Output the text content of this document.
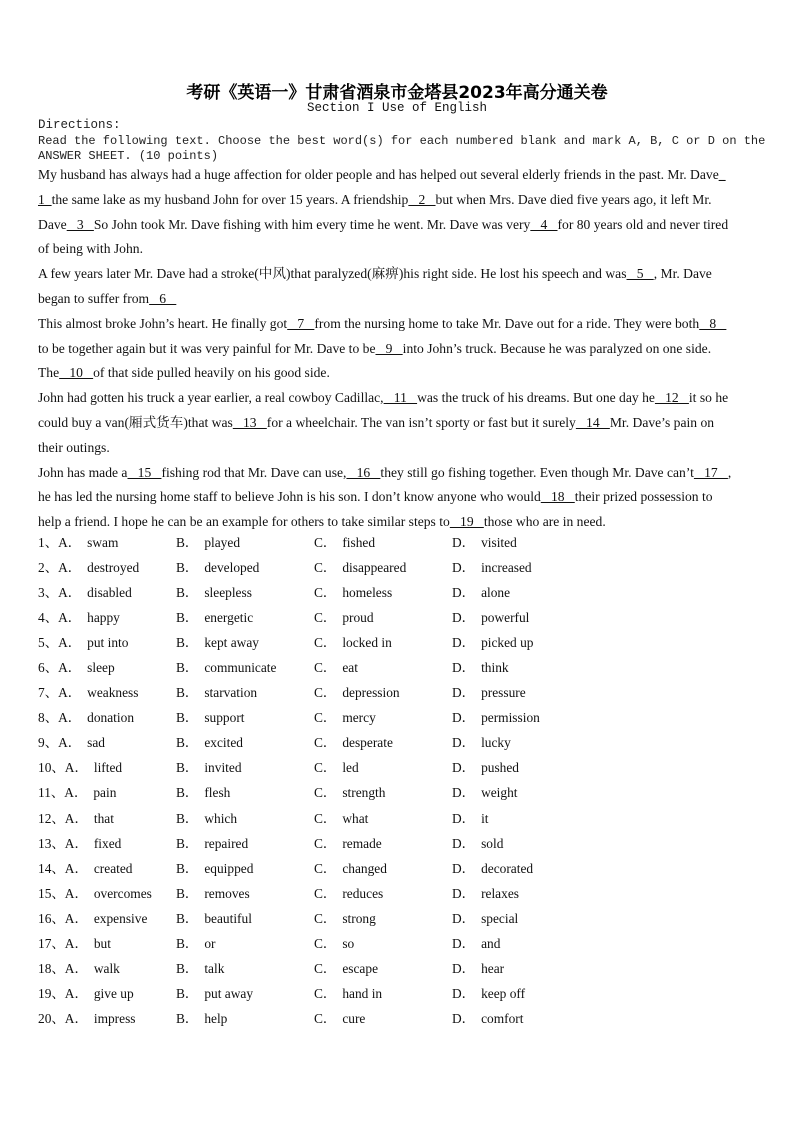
考研《英语一》甘肃省酒泉市金塔县2023年高分通关卷
Section I Use of English
Directions:
Read the following text. Choose the best word(s) for each numbered blank and mark A, B, C or D on the
ANSWER SHEET. (10 points)
My husband has always had a huge affection for older people and has helped out several elderly friends in the past. Mr. Dave_
1  the same lake as my husband John for over 15 years. A friendship   2   but when Mrs. Dave died five years ago, it left Mr.
Dave   3   So John took Mr. Dave fishing with him every time he went. Mr. Dave was very   4   for 80 years old and never tired
of being with John.
A few years later Mr. Dave had a stroke(中风)that paralyzed(麻痹)his right side. He lost his speech and was   5   , Mr. Dave
began to suffer from   6
This almost broke John’s heart. He finally got   7   from the nursing home to take Mr. Dave out for a ride. They were both   8
to be together again but it was very painful for Mr. Dave to be   9   into John’s truck. Because he was paralyzed on one side.
The   10   of that side pulled heavily on his good side.
John had gotten his truck a year earlier, a real cowboy Cadillac,   11   was the truck of his dreams. But one day he   12   it so he
could buy a van(厢式货车)that was   13   for a wheelchair. The van isn’t sporty or fast but it surely   14   Mr. Dave’s pain on
their outings.
John has made a   15   fishing rod that Mr. Dave can use,   16   they still go fishing together. Even though Mr. Dave can’t   17   ,
he has led the nursing home staff to believe John is his son. I don’t know anyone who would   18   their prized possession to
help a friend. I hope he can be an example for others to take similar steps to   19   those who are in need.
1、A． swam	B． played	C． fished	D． visited
2、A． destroyed	B． developed	C． disappeared	D． increased
3、A． disabled	B． sleepless	C． homeless	D． alone
4、A． happy	B． energetic	C． proud	D． powerful
5、A． put into	B． kept away	C． locked in	D． picked up
6、A． sleep	B． communicate	C． eat	D． think
7、A． weakness	B． starvation	C． depression	D． pressure
8、A． donation	B． support	C． mercy	D． permission
9、A． sad	B． excited	C． desperate	D． lucky
10、A． lifted	B． invited	C． led	D． pushed
11、A． pain	B． flesh	C． strength	D． weight
12、A． that	B． which	C． what	D． it
13、A． fixed	B． repaired	C． remade	D． sold
14、A． created	B． equipped	C． changed	D． decorated
15、A． overcomes B． removes	C． reduces	D． relaxes
16、A． expensive B． beautiful	C． strong	D． special
17、A． but	B． or	C． so	D． and
18、A． walk	B． talk	C． escape	D． hear
19、A． give up	B． put away	C． hand in	D． keep off
20、A． impress	B． help	C． cure	D． comfort
